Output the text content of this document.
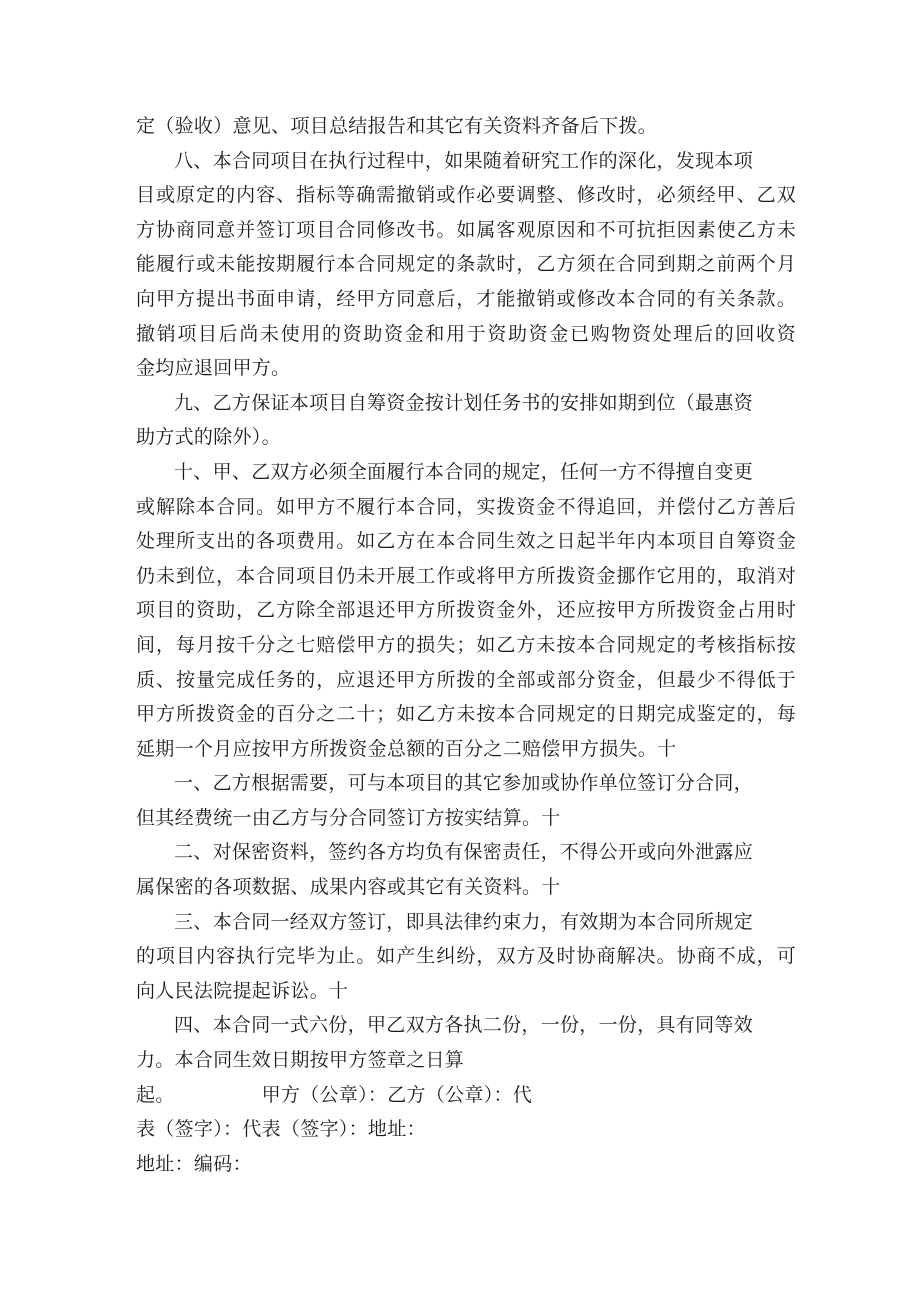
定（验收）意见、项目总结报告和其它有关资料齐备后下拨。
八、本合同项目在执行过程中，如果随着研究工作的深化，发现本项
目或原定的内容、指标等确需撤销或作必要调整、修改时，必须经甲、乙双
方协商同意并签订项目合同修改书。如属客观原因和不可抗拒因素使乙方未
能履行或未能按期履行本合同规定的条款时，乙方须在合同到期之前两个月
向甲方提出书面申请，经甲方同意后，才能撤销或修改本合同的有关条款。
撤销项目后尚未使用的资助资金和用于资助资金已购物资处理后的回收资
金均应退回甲方。
九、乙方保证本项目自筹资金按计划任务书的安排如期到位（最惠资
助方式的除外）。
十、甲、乙双方必须全面履行本合同的规定，任何一方不得擅自变更
或解除本合同。如甲方不履行本合同，实拨资金不得追回，并偿付乙方善后
处理所支出的各项费用。如乙方在本合同生效之日起半年内本项目自筹资金
仍未到位，本合同项目仍未开展工作或将甲方所拨资金挪作它用的，取消对
项目的资助，乙方除全部退还甲方所拨资金外，还应按甲方所拨资金占用时
间，每月按千分之七赔偿甲方的损失；如乙方未按本合同规定的考核指标按
质、按量完成任务的，应退还甲方所拨的全部或部分资金，但最少不得低于
甲方所拨资金的百分之二十；如乙方未按本合同规定的日期完成鉴定的，每
延期一个月应按甲方所拨资金总额的百分之二赔偿甲方损失。十
一、乙方根据需要，可与本项目的其它参加或协作单位签订分合同，
但其经费统一由乙方与分合同签订方按实结算。十
二、对保密资料，签约各方均负有保密责任，不得公开或向外泄露应
属保密的各项数据、成果内容或其它有关资料。十
三、本合同一经双方签订，即具法律约束力，有效期为本合同所规定
的项目内容执行完毕为止。如产生纠纷，双方及时协商解决。协商不成，可
向人民法院提起诉讼。十
四、本合同一式六份，甲乙双方各执二份，一份，一份，具有同等效
力。本合同生效日期按甲方签章之日算
起。　　　　　甲方（公章）：乙方（公章）：代
表（签字）：代表（签字）：地址：
地址：编码：
